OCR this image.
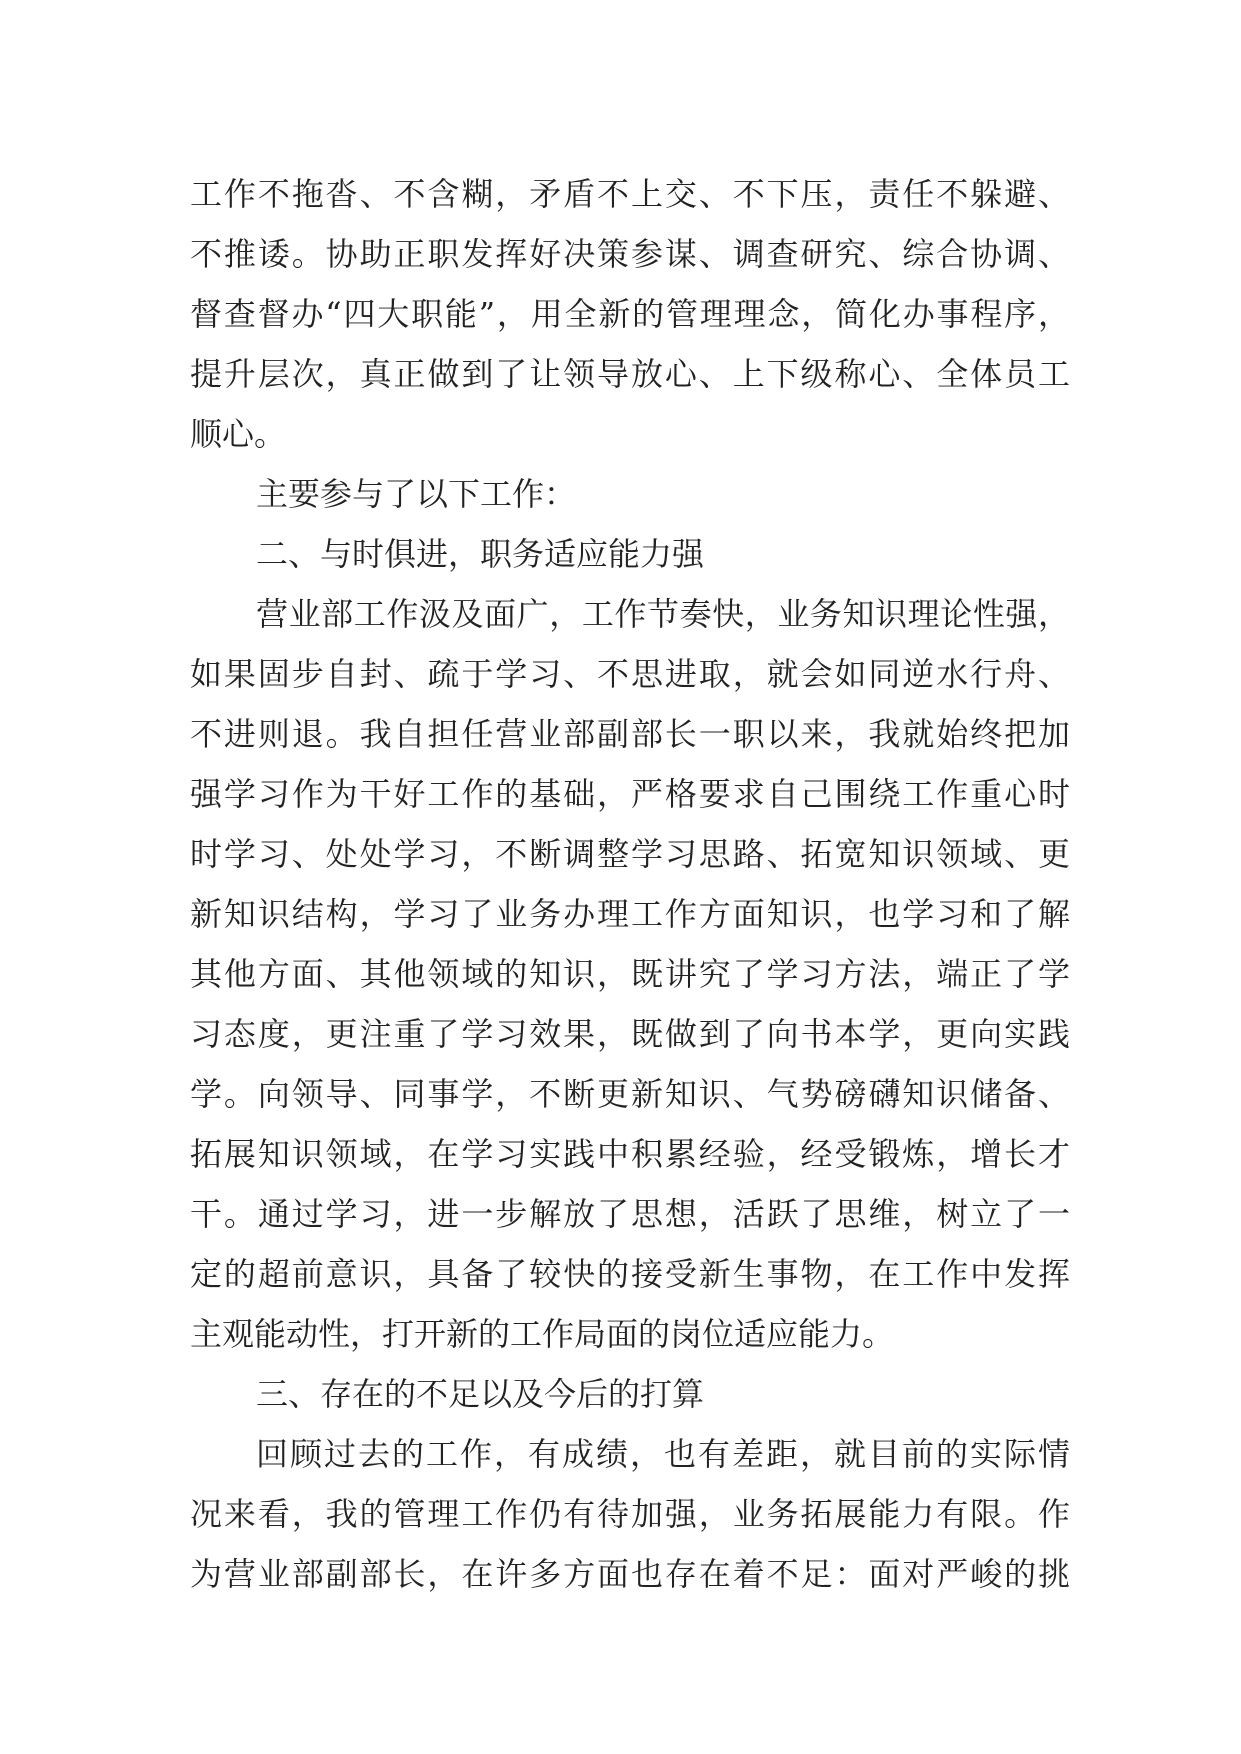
工作不拖沓、不含糊，矛盾不上交、不下压，责任不躲避、
不推诿。协助正职发挥好决策参谋、调查研究、综合协调、
督查督办“四大职能”，用全新的管理理念，简化办事程序，
提升层次，真正做到了让领导放心、上下级称心、全体员工
顺心。
主要参与了以下工作：
二、与时俱进，职务适应能力强
营业部工作汲及面广，工作节奏快，业务知识理论性强，
如果固步自封、疏于学习、不思进取，就会如同逆水行舟、
不进则退。我自担任营业部副部长一职以来，我就始终把加
强学习作为干好工作的基础，严格要求自己围绕工作重心时
时学习、处处学习，不断调整学习思路、拓宽知识领域、更
新知识结构，学习了业务办理工作方面知识，也学习和了解
其他方面、其他领域的知识，既讲究了学习方法，端正了学
习态度，更注重了学习效果，既做到了向书本学，更向实践
学。向领导、同事学，不断更新知识、气势磅礴知识储备、
拓展知识领域，在学习实践中积累经验，经受锻炼，增长才
干。通过学习，进一步解放了思想，活跃了思维，树立了一
定的超前意识，具备了较快的接受新生事物，在工作中发挥
主观能动性，打开新的工作局面的岗位适应能力。
三、存在的不足以及今后的打算
回顾过去的工作，有成绩，也有差距，就目前的实际情
况来看，我的管理工作仍有待加强，业务拓展能力有限。作
为营业部副部长，在许多方面也存在着不足：面对严峻的挑
